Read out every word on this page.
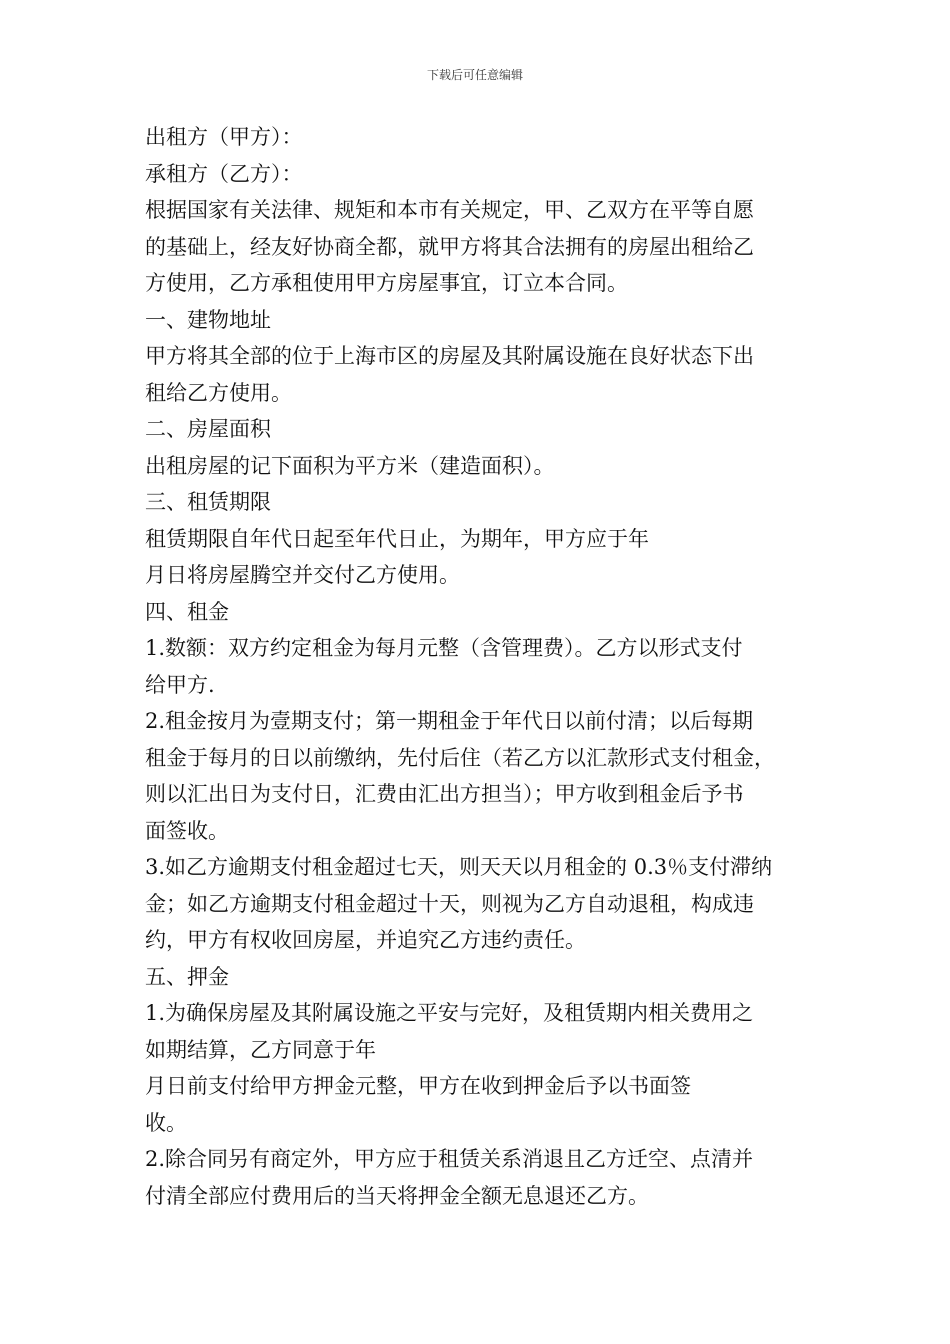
下载后可任意编辑
出租方（甲方）：
承租方（乙方）：
根据国家有关法律、规矩和本市有关规定，甲、乙双方在平等自愿
的基础上，经友好协商全都，就甲方将其合法拥有的房屋出租给乙
方使用，乙方承租使用甲方房屋事宜，订立本合同。
一、建物地址
甲方将其全部的位于上海市区的房屋及其附属设施在良好状态下出
租给乙方使用。
二、房屋面积
出租房屋的记下面积为平方米（建造面积）。
三、租赁期限
租赁期限自年代日起至年代日止，为期年，甲方应于年
月日将房屋腾空并交付乙方使用。
四、租金
1.数额：双方约定租金为每月元整（含管理费）。乙方以形式支付
给甲方.
2.租金按月为壹期支付；第一期租金于年代日以前付清；以后每期
租金于每月的日以前缴纳，先付后住（若乙方以汇款形式支付租金，
则以汇出日为支付日，汇费由汇出方担当）；甲方收到租金后予书
面签收。
3.如乙方逾期支付租金超过七天，则天天以月租金的 0.3％支付滞纳
金；如乙方逾期支付租金超过十天，则视为乙方自动退租，构成违
约，甲方有权收回房屋，并追究乙方违约责任。
五、押金
1.为确保房屋及其附属设施之平安与完好，及租赁期内相关费用之
如期结算，乙方同意于年
月日前支付给甲方押金元整，甲方在收到押金后予以书面签
收。
2.除合同另有商定外，甲方应于租赁关系消退且乙方迁空、点清并
付清全部应付费用后的当天将押金全额无息退还乙方。
